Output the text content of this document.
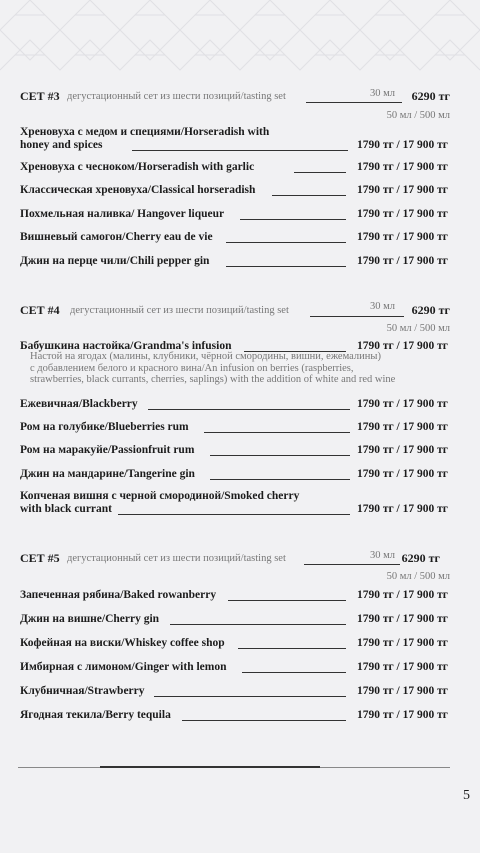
СЕТ #3 дегустационный сет из шести позиций/tasting set	30 мл 6290 тг
50 мл / 500 мл
Хреновуха с медом и специями/Horseradish with
honey and spices	1790 тг / 17 900 тг
Хреновуха с чесноком/Horseradish with garlic	1790 тг / 17 900 тг
Классическая хреновуха/Classical horseradish	1790 тг / 17 900 тг
Похмельная наливка/ Hangover liqueur	1790 тг / 17 900 тг
Вишневый самогон/Cherry eau de vie	1790 тг / 17 900 тг
Джин на перце чили/Chili pepper gin	1790 тг / 17 900 тг
СЕТ #4 дегустационный сет из шести позиций/tasting set	30 мл 6290 тг
50 мл / 500 мл
Бабушкина настойка/Grandma's infusion	1790 тг / 17 900 тг
Настой на ягодах (малины, клубники, чёрной смородины, вишни, ежемалины)
с добавлением белого и красного вина/An infusion on berries (raspberries,
strawberries, black currants, cherries, saplings) with the addition of white and red wine
Ежевичная/Blackberry	1790 тг / 17 900 тг
Ром на голубике/Blueberries rum	1790 тг / 17 900 тг
Ром на маракуйе/Passionfruit rum	1790 тг / 17 900 тг
Джин на мандарине/Tangerine gin	1790 тг / 17 900 тг
Копченая вишня с черной смородиной/Smoked cherry
with black currant	1790 тг / 17 900 тг
СЕТ #5 дегустационный сет из шести позиций/tasting set	30 мл 6290 тг
50 мл / 500 мл
Запеченная рябина/Baked rowanberry	1790 тг / 17 900 тг
Джин на вишне/Cherry gin	1790 тг / 17 900 тг
Кофейная на виски/Whiskey coffee shop	1790 тг / 17 900 тг
Имбирная с лимоном/Ginger with lemon	1790 тг / 17 900 тг
Клубничная/Strawberry	1790 тг / 17 900 тг
Ягодная текила/Berry tequila	1790 тг / 17 900 тг
5
